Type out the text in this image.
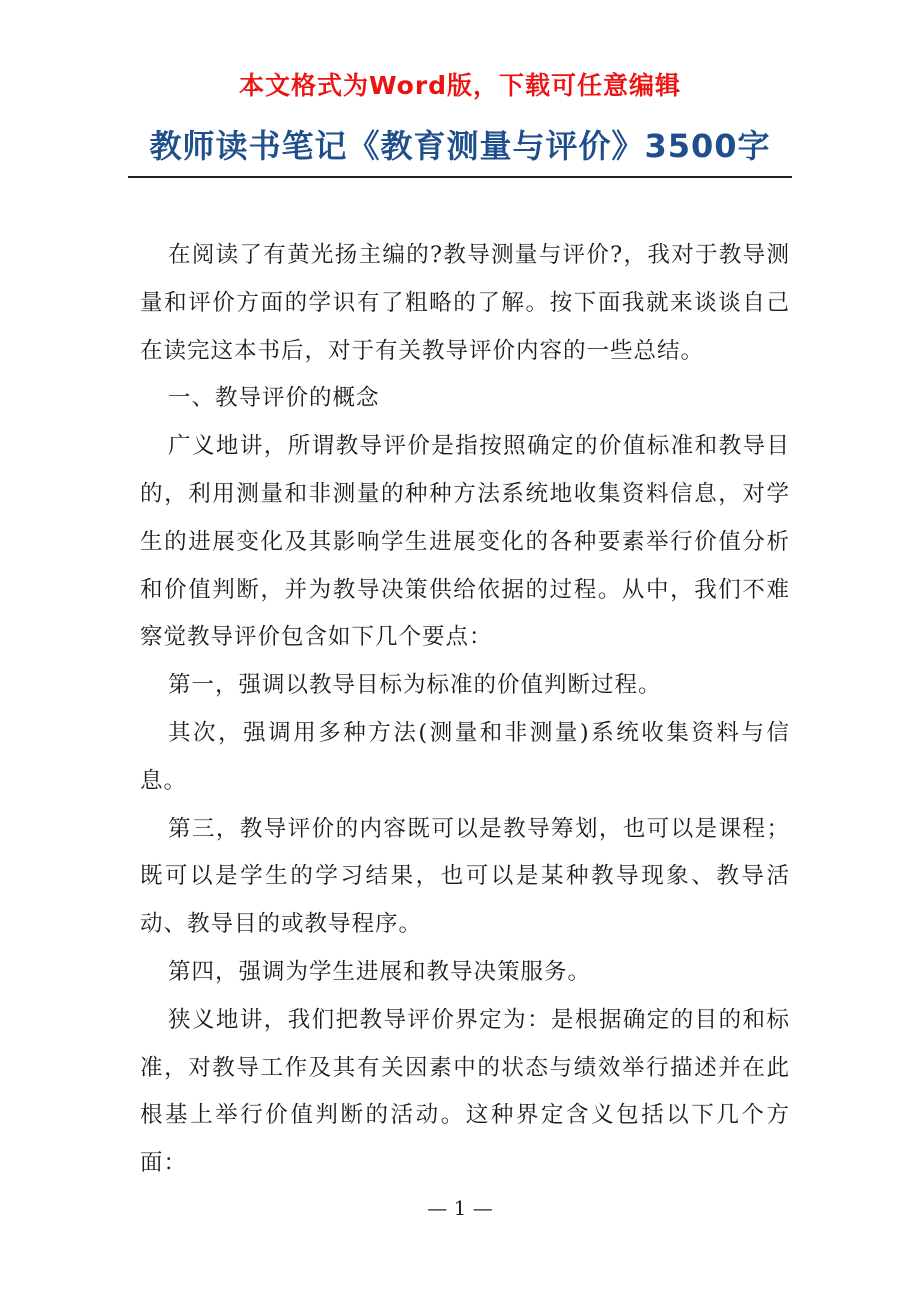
本文格式为Word版，下载可任意编辑
教师读书笔记《教育测量与评价》3500字

在阅读了有黄光扬主编的?教导测量与评价?，我对于教导测量和评价方面的学识有了粗略的了解。按下面我就来谈谈自己在读完这本书后，对于有关教导评价内容的一些总结。

一、教导评价的概念

广义地讲，所谓教导评价是指按照确定的价值标准和教导目的，利用测量和非测量的种种方法系统地收集资料信息，对学生的进展变化及其影响学生进展变化的各种要素举行价值分析和价值判断，并为教导决策供给依据的过程。从中，我们不难察觉教导评价包含如下几个要点：

第一，强调以教导目标为标准的价值判断过程。

其次，强调用多种方法(测量和非测量)系统收集资料与信息。

第三，教导评价的内容既可以是教导筹划，也可以是课程；既可以是学生的学习结果，也可以是某种教导现象、教导活动、教导目的或教导程序。

第四，强调为学生进展和教导决策服务。

狭义地讲，我们把教导评价界定为：是根据确定的目的和标准，对教导工作及其有关因素中的状态与绩效举行描述并在此根基上举行价值判断的活动。这种界定含义包括以下几个方面：

— 1 —
